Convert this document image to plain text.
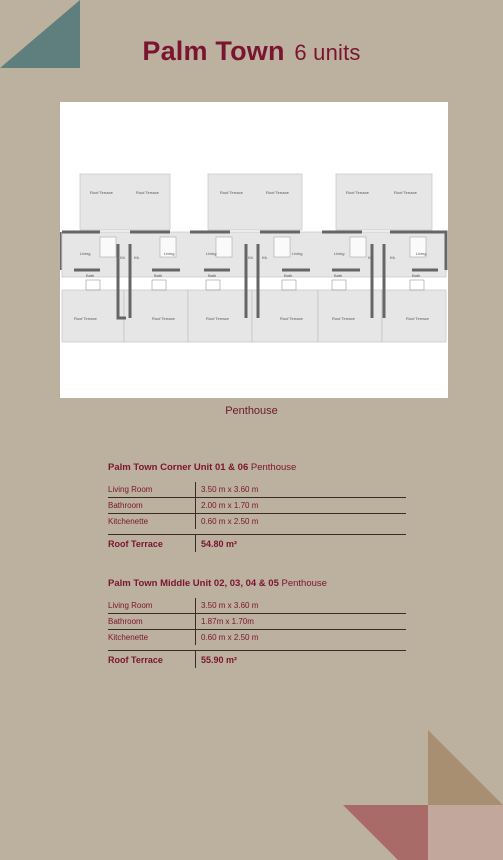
Palm Town 6 units
Roof Terrace	Roof Terrace	Roof Terrace	Roof Terrace	Roof Terrace	Roof Terrace
Living	Living	Living	Living	Living	Living
Kit. Kit.	Kit. Kit.	Kit.	Kit.
Bath	Bath	Bath	Bath	Bath	Bath
Roof Terrace	Roof Terrace	Roof Terrace	Roof Terrace	Roof Terrace	Roof Terrace
Penthouse
Palm Town Corner Unit 01 & 06 Penthouse
Living Room	3.50 m x 3.60 m
Bathroom	2.00 m x 1.70 m
Kitchenette	0.60 m x 2.50 m
Roof Terrace	54.80 m²
Palm Town Middle Unit 02, 03, 04 & 05 Penthouse
Living Room	3.50 m x 3.60 m
Bathroom	1.87m x 1.70m
Kitchenette	0.60 m x 2.50 m
Roof Terrace	55.90 m²
